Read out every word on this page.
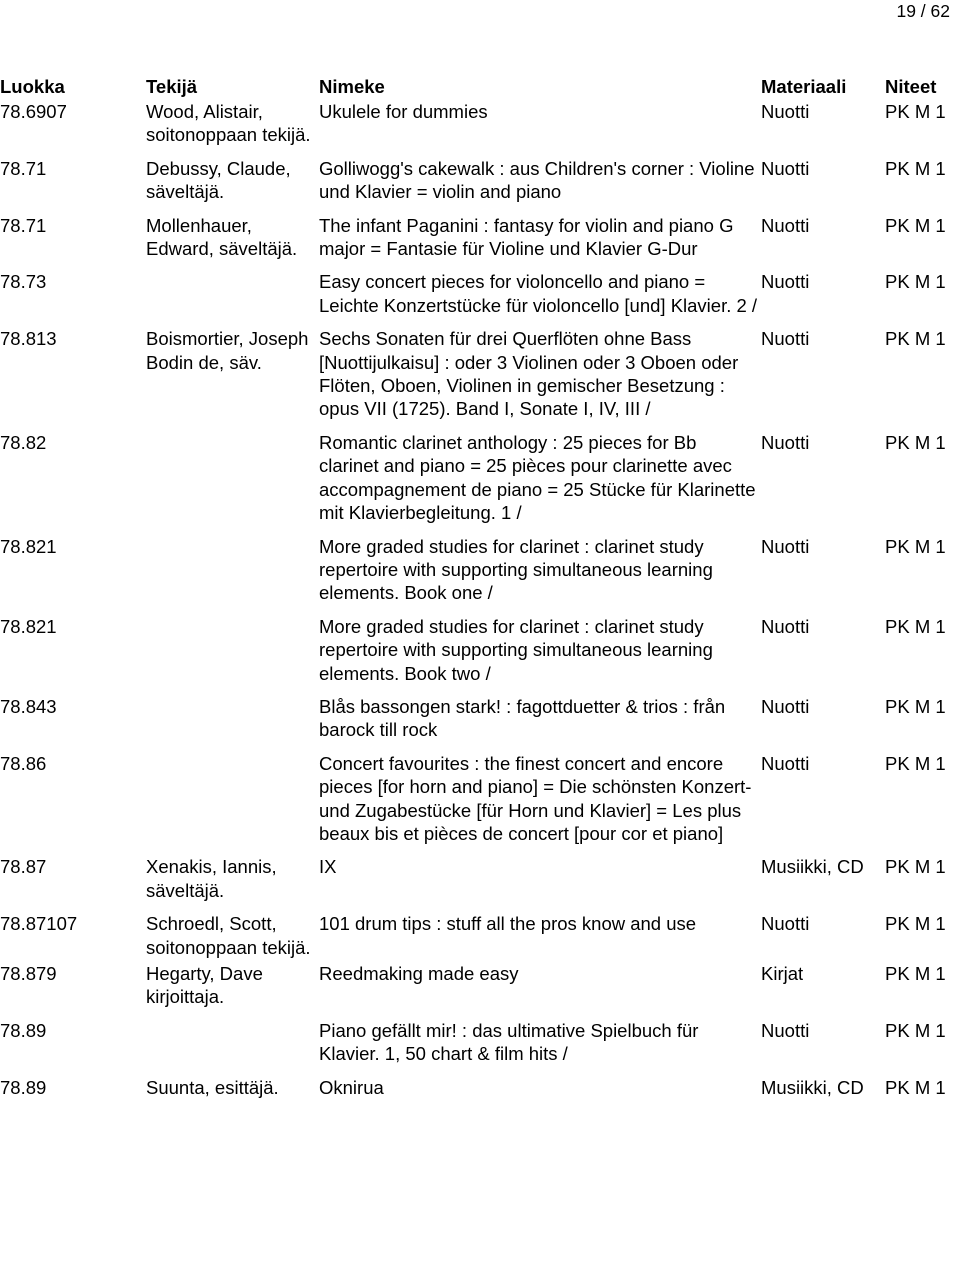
19 / 62
Luokka	Tekijä	Nimeke	Materiaali	Niteet
78.6907	Wood, Alistair, soitonoppaan tekijä.	Ukulele for dummies	Nuotti	PK M 1
78.71	Debussy, Claude, säveltäjä.	Golliwogg's cakewalk : aus Children's corner : Violine und Klavier = violin and piano	Nuotti	PK M 1
78.71	Mollenhauer, Edward, säveltäjä.	The infant Paganini : fantasy for violin and piano G major = Fantasie für Violine und Klavier G-Dur	Nuotti	PK M 1
78.73		Easy concert pieces for violoncello and piano = Leichte Konzertstücke für violoncello [und] Klavier. 2 /	Nuotti	PK M 1
78.813	Boismortier, Joseph Bodin de, säv.	Sechs Sonaten für drei Querflöten ohne Bass [Nuottijulkaisu] : oder 3 Violinen oder 3 Oboen oder Flöten, Oboen, Violinen in gemischer Besetzung : opus VII (1725). Band I, Sonate I, IV, III /	Nuotti	PK M 1
78.82		Romantic clarinet anthology : 25 pieces for Bb clarinet and piano = 25 pièces pour clarinette avec accompagnement de piano = 25 Stücke für Klarinette mit Klavierbegleitung. 1 /	Nuotti	PK M 1
78.821		More graded studies for clarinet : clarinet study repertoire with supporting simultaneous learning elements. Book one /	Nuotti	PK M 1
78.821		More graded studies for clarinet : clarinet study repertoire with supporting simultaneous learning elements. Book two /	Nuotti	PK M 1
78.843		Blås bassongen stark! : fagottduetter & trios : från barock till rock	Nuotti	PK M 1
78.86		Concert favourites : the finest concert and encore pieces [for horn and piano] = Die schönsten Konzert- und Zugabestücke [für Horn und Klavier] = Les plus beaux bis et pièces de concert [pour cor et piano]	Nuotti	PK M 1
78.87	Xenakis, Iannis, säveltäjä.	IX	Musiikki, CD	PK M 1
78.87107	Schroedl, Scott, soitonoppaan tekijä.	101 drum tips : stuff all the pros know and use	Nuotti	PK M 1
78.879	Hegarty, Dave kirjoittaja.	Reedmaking made easy	Kirjat	PK M 1
78.89		Piano gefällt mir! : das ultimative Spielbuch für Klavier. 1, 50 chart & film hits /	Nuotti	PK M 1
78.89	Suunta, esittäjä.	Oknirua	Musiikki, CD	PK M 1
